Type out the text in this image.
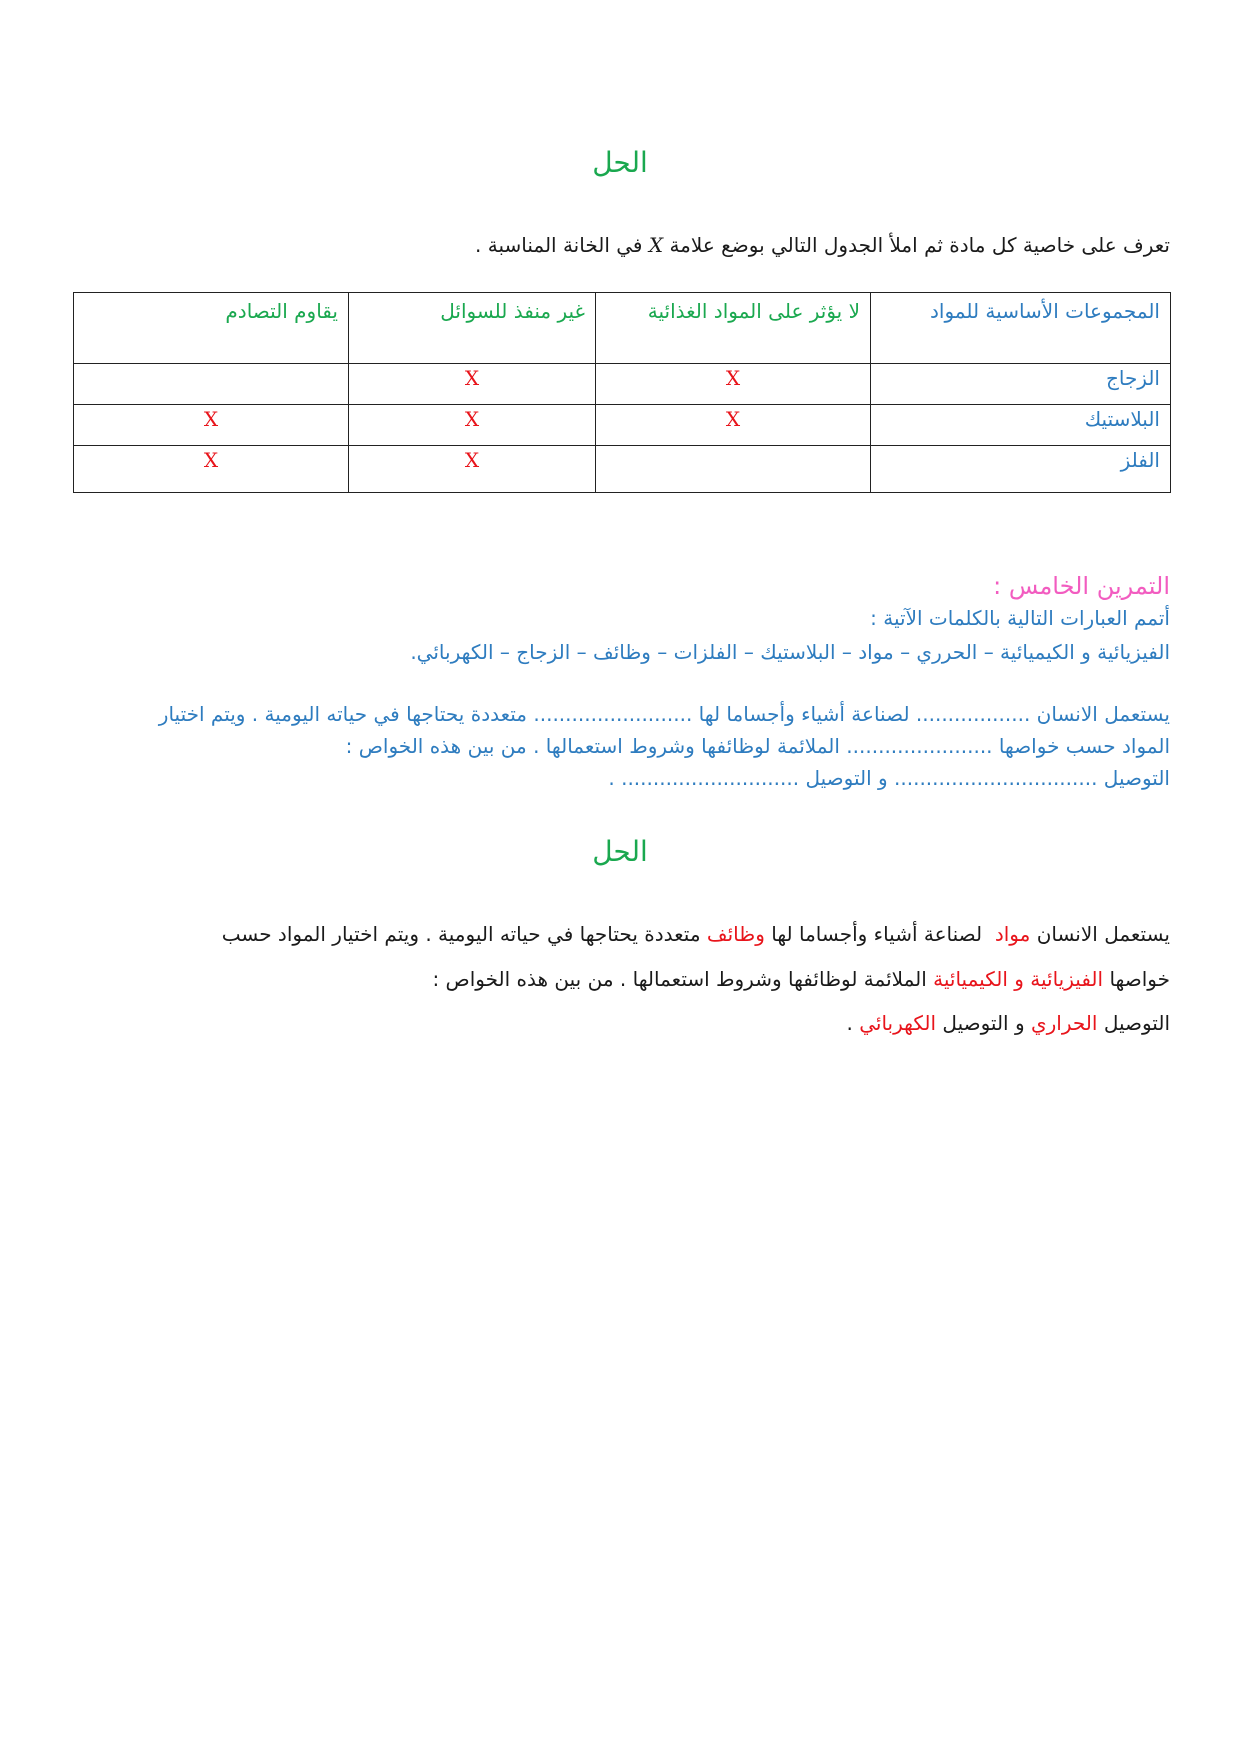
الحل
تعرف على خاصية كل مادة ثم املأ الجدول التالي بوضع علامة X في الخانة المناسبة .
المجموعات الأساسية للمواد	لا يؤثر على المواد الغذائية	غير منفذ للسوائل	يقاوم التصادم
الزجاج	X	X	
البلاستيك	X	X	X
الفلز		X	X
التمرين الخامس :
أتمم العبارات التالية بالكلمات الآتية :
الفيزيائية و الكيميائية – الحرري – مواد – البلاستيك – الفلزات – وظائف – الزجاج – الكهربائي.
يستعمل الانسان .................. لصناعة أشياء وأجساما لها ......................... متعددة يحتاجها في حياته اليومية . ويتم اختيار
المواد حسب خواصها ....................... الملائمة لوظائفها وشروط استعمالها . من بين هذه الخواص :
التوصيل ................................ و التوصيل ............................ .
الحل
يستعمل الانسان مواد  لصناعة أشياء وأجساما لها وظائف متعددة يحتاجها في حياته اليومية . ويتم اختيار المواد حسب
خواصها الفيزيائية و الكيميائية الملائمة لوظائفها وشروط استعمالها . من بين هذه الخواص :
التوصيل الحراري و التوصيل الكهربائي .
